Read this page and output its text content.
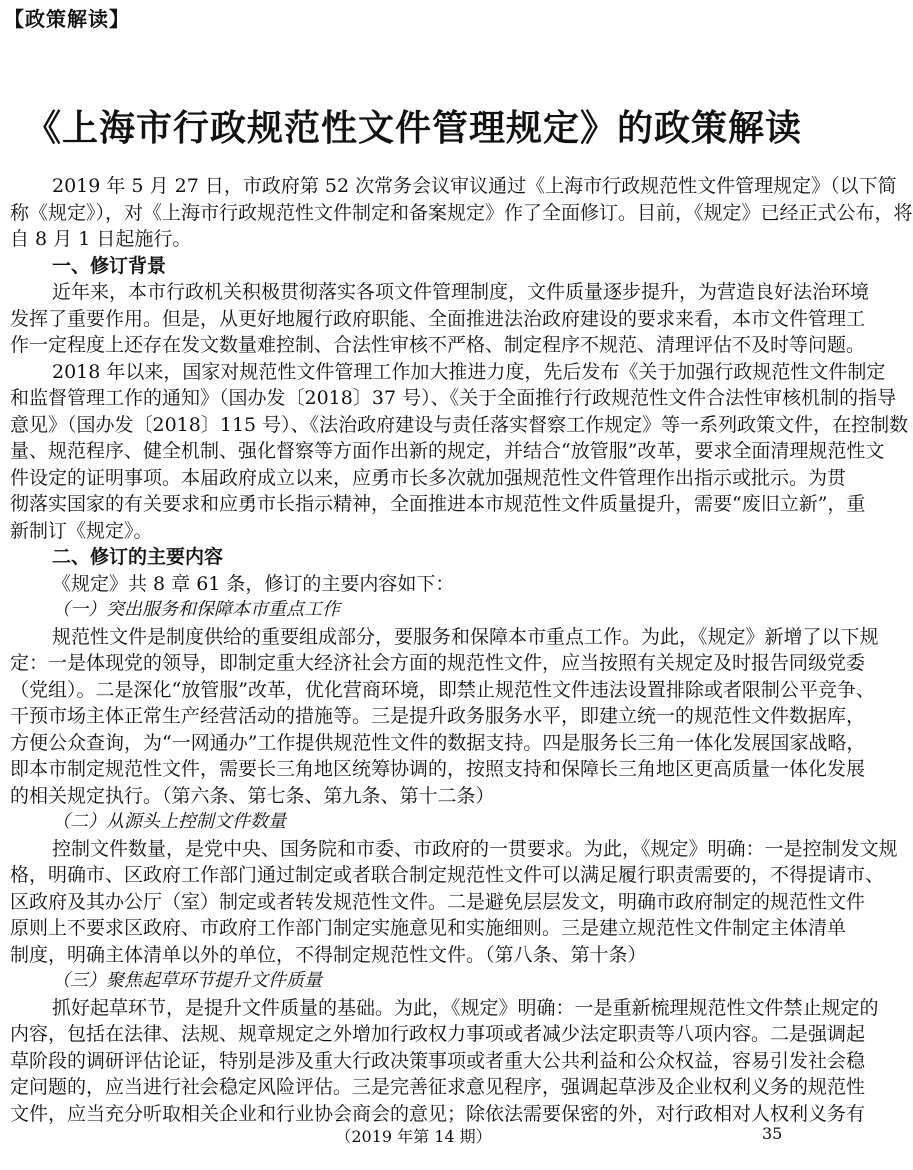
【政策解读】
《上海市行政规范性文件管理规定》的政策解读
2019 年 5 月 27 日，市政府第 52 次常务会议审议通过《上海市行政规范性文件管理规定》（以下简
称《规定》），对《上海市行政规范性文件制定和备案规定》作了全面修订。目前，《规定》已经正式公布，将
自 8 月 1 日起施行。
一、修订背景
近年来，本市行政机关积极贯彻落实各项文件管理制度，文件质量逐步提升，为营造良好法治环境
发挥了重要作用。但是，从更好地履行政府职能、全面推进法治政府建设的要求来看，本市文件管理工
作一定程度上还存在发文数量难控制、合法性审核不严格、制定程序不规范、清理评估不及时等问题。
2018 年以来，国家对规范性文件管理工作加大推进力度，先后发布《关于加强行政规范性文件制定
和监督管理工作的通知》（国办发〔2018〕37 号）、《关于全面推行行政规范性文件合法性审核机制的指导
意见》（国办发〔2018〕115 号）、《法治政府建设与责任落实督察工作规定》等一系列政策文件，在控制数
量、规范程序、健全机制、强化督察等方面作出新的规定，并结合“放管服”改革，要求全面清理规范性文
件设定的证明事项。本届政府成立以来，应勇市长多次就加强规范性文件管理作出指示或批示。为贯
彻落实国家的有关要求和应勇市长指示精神，全面推进本市规范性文件质量提升，需要“废旧立新”，重
新制订《规定》。
二、修订的主要内容
《规定》共 8 章 61 条，修订的主要内容如下：
（一）突出服务和保障本市重点工作
规范性文件是制度供给的重要组成部分，要服务和保障本市重点工作。为此，《规定》新增了以下规
定：一是体现党的领导，即制定重大经济社会方面的规范性文件，应当按照有关规定及时报告同级党委
（党组）。二是深化“放管服”改革，优化营商环境，即禁止规范性文件违法设置排除或者限制公平竞争、
干预市场主体正常生产经营活动的措施等。三是提升政务服务水平，即建立统一的规范性文件数据库，
方便公众查询，为“一网通办”工作提供规范性文件的数据支持。四是服务长三角一体化发展国家战略，
即本市制定规范性文件，需要长三角地区统筹协调的，按照支持和保障长三角地区更高质量一体化发展
的相关规定执行。（第六条、第七条、第九条、第十二条）
（二）从源头上控制文件数量
控制文件数量，是党中央、国务院和市委、市政府的一贯要求。为此，《规定》明确：一是控制发文规
格，明确市、区政府工作部门通过制定或者联合制定规范性文件可以满足履行职责需要的，不得提请市、
区政府及其办公厅（室）制定或者转发规范性文件。二是避免层层发文，明确市政府制定的规范性文件
原则上不要求区政府、市政府工作部门制定实施意见和实施细则。三是建立规范性文件制定主体清单
制度，明确主体清单以外的单位，不得制定规范性文件。（第八条、第十条）
（三）聚焦起草环节提升文件质量
抓好起草环节，是提升文件质量的基础。为此，《规定》明确：一是重新梳理规范性文件禁止规定的
内容，包括在法律、法规、规章规定之外增加行政权力事项或者减少法定职责等八项内容。二是强调起
草阶段的调研评估论证，特别是涉及重大行政决策事项或者重大公共利益和公众权益，容易引发社会稳
定问题的，应当进行社会稳定风险评估。三是完善征求意见程序，强调起草涉及企业权利义务的规范性
文件，应当充分听取相关企业和行业协会商会的意见；除依法需要保密的外，对行政相对人权利义务有
（2019 年第 14 期）	35
